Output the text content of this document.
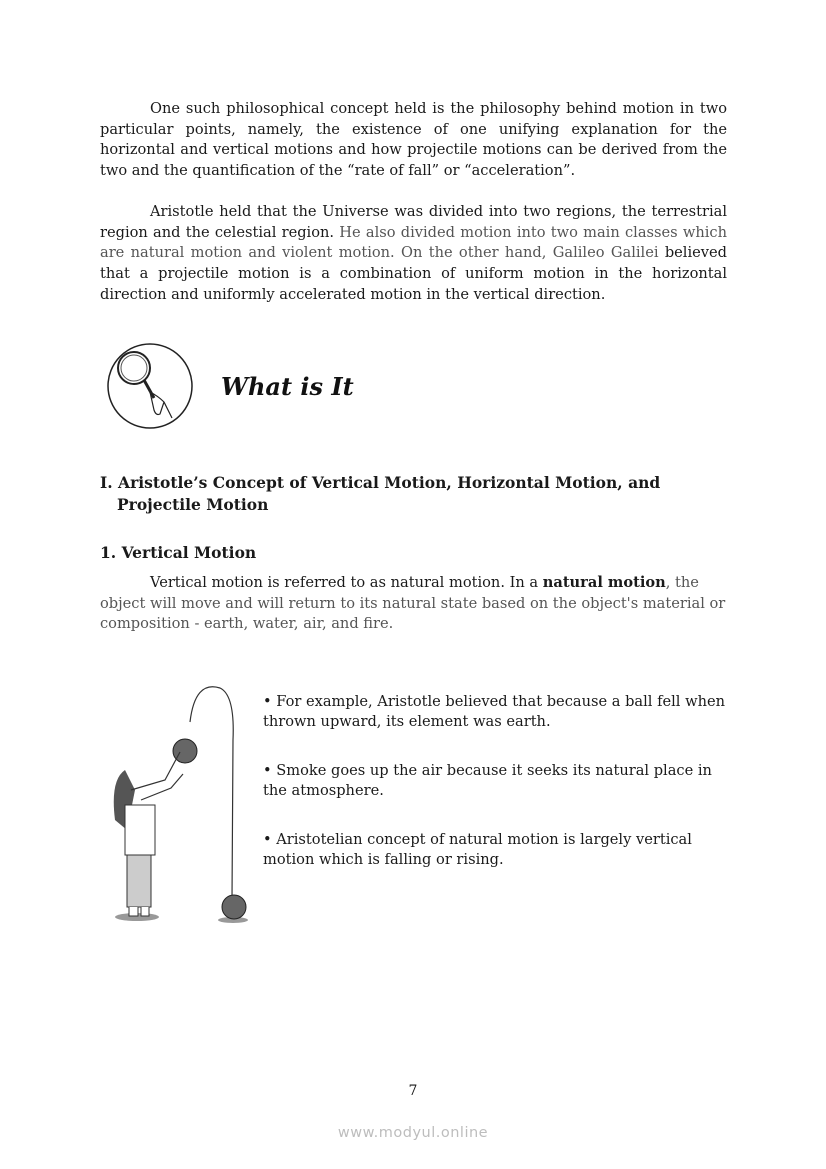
One such philosophical concept held is the philosophy behind motion in two particular points, namely, the existence of one unifying explanation for the horizontal and vertical motions and how projectile motions can be derived from the two and the quantification of the “rate of fall” or “acceleration”.

Aristotle held that the Universe was divided into two regions, the terrestrial region and the celestial region. He also divided motion into two main classes which are natural motion and violent motion. On the other hand, Galileo Galilei believed that a projectile motion is a combination of uniform motion in the horizontal direction and uniformly accelerated motion in the vertical direction.

What is It
I. Aristotle’s Concept of Vertical Motion, Horizontal Motion, and
Projectile Motion
1. Vertical Motion

Vertical motion is referred to as natural motion. In a natural motion, the object will move and will return to its natural state based on the object's material or composition - earth, water, air, and fire.

• For example, Aristotle believed that because a ball fell when thrown upward, its element was earth.

• Smoke goes up the air because it seeks its natural place in the atmosphere.

• Aristotelian concept of natural motion is largely vertical motion which is falling or rising.

7
www.modyul.online
